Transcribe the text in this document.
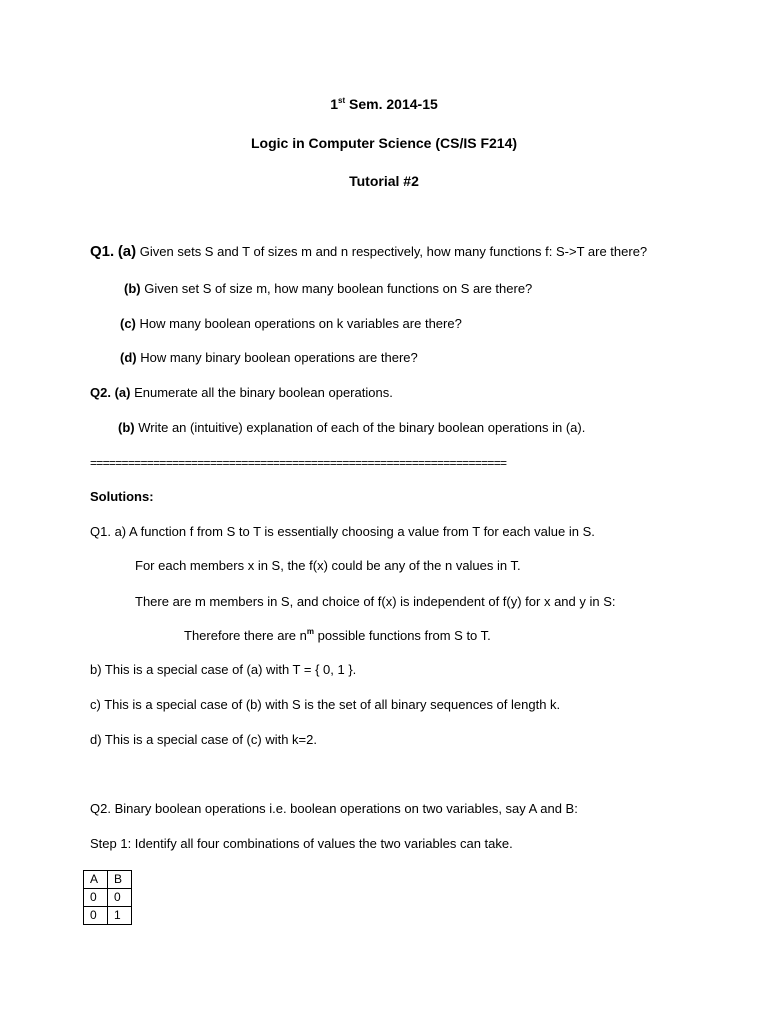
1st Sem. 2014-15
Logic in Computer Science (CS/IS F214)
Tutorial #2
Q1. (a) Given sets S and T of sizes m and n respectively, how many functions f: S->T are there?
(b) Given set S of size m, how many boolean functions on S are there?
(c) How many boolean operations on k variables are there?
(d) How many binary boolean operations are there?
Q2. (a) Enumerate all the binary boolean operations.
(b) Write an (intuitive) explanation of each of the binary boolean operations in (a).
==================================================================
Solutions:
Q1. a) A function f from S to T is essentially choosing a value from T for each value in S.
For each members x in S, the f(x) could be any of the n values in T.
There are m members in S, and choice of f(x) is independent of f(y) for x and y in S:
Therefore there are $n^m$ possible functions from S to T.
b) This is a special case of (a) with T = { 0, 1 }.
c) This is a special case of (b) with S is the set of all binary sequences of length k.
d) This is a special case of (c) with k=2.
Q2. Binary boolean operations i.e. boolean operations on two variables, say A and B:
Step 1: Identify all four combinations of values the two variables can take.
A	B
0	0
0	1
